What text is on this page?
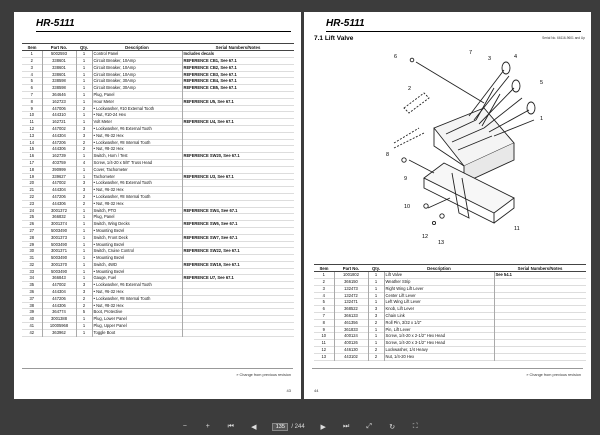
HR-5111
Item	Part No.	Qty.	Description	Serial Numbers/Notes
1	5002593	1	Control Panel	Includes decals
2	338601	1	Circuit Breaker, 10Amp	REFERENCE CB1, See 67.1
3	338601	1	Circuit Breaker, 10Amp	REFERENCE CB2, See 67.1
4	338601	1	Circuit Breaker, 10Amp	REFERENCE CB3, See 67.1
5	338598	1	Circuit Breaker, 30Amp	REFERENCE CB4, See 67.1
6	338598	1	Circuit Breaker, 30Amp	REFERENCE CB5, See 67.1
7	364646	1	Plug, Panel	
8	162723	1	Hour Meter	REFERENCE U5, See 67.1
9	447006	2	• Lockwasher, #10 External Tooth	
10	444310	1	• Nut, #10-24 Hex	
11	162721	1	Volt Meter	REFERENCE U4, See 67.1
12	447002	3	• Lockwasher, #6 External Tooth	
13	444304	3	• Nut, #6-32 Hex	
14	447206	2	• Lockwasher, #8 Internal Tooth	
15	444306	2	• Nut, #8-32 Hex	
16	162739	1	Switch, Horn / Test	REFERENCE SW20, See 67.1
17	403759	4	Screw, 1/4-20 x 5/8" Truss Head	
18	390999	1	Cover, Tachometer	
19	339627	1	Tachometer	REFERENCE U3, See 67.1
20	447002	3	• Lockwasher, #6 External Tooth	
21	444304	3	• Nut, #6-32 Hex	
22	447206	2	• Lockwasher, #8 Internal Tooth	
23	444306	2	• Nut, #8-32 Hex	
24	3001372	1	Switch, PTO	REFERENCE SW4, See 67.1
25	366832	1	Plug, Panel	
26	3001374	1	Switch, Wing Decks	REFERENCE SW6, See 67.1
27	5003490	1	• Mounting Bezel	
28	3001373	1	Switch, Front Deck	REFERENCE SW7, See 67.1
29	5003490	1	• Mounting Bezel	
30	3001371	1	Switch, Cruise Control	REFERENCE SW22, See 67.1
31	5003490	1	• Mounting Bezel	
32	3001370	1	Switch, 4WD	REFERENCE SW19, See 67.1
33	5003490	1	• Mounting Bezel	
34	366843	1	Gauge, Fuel	REFERENCE U7, See 67.1
35	447002	3	• Lockwasher, #6 External Tooth	
36	444304	3	• Nut, #6-32 Hex	
37	447206	2	• Lockwasher, #8 Internal Tooth	
38	444306	2	• Nut, #8-32 Hex	
39	364774	5	Boot, Protective	
40	3001388	1	Plug, Lower Panel	
41	10005968	1	Plug, Upper Panel	
42	363962	1	Toggle Boot	
» Change from previous revision
43
HR-5111
7.1 Lift Valve	Serial No. 66116-9601 and Up
6
2
7
3	4
5
1
8
9
10
12
13
11
Item	Part No.	Qty.	Description	Serial Numbers/Notes
1	1001802	1	Lift Valve	See 54.1
2	366150	1	Weather Strip	
3	132473	1	Right Wing Lift Lever	
4	132472	1	Center Lift Lever	
5	132471	1	Left Wing Lift Lever	
6	368522	3	Knob, Lift Lever	
7	366133	3	Chain Link	
8	461356	2	Roll Pin, 3/32 x 1/2"	
9	361833	1	Pin, Lift Lever	
10	400124	1	Screw, 1/4-20 x 2-1/2" Hex Head	
11	400126	1	Screw, 1/4-20 x 3-1/2" Hex Head	
12	446130	2	Lockwasher, 1/4 Heavy	
13	443102	2	Nut, 1/4-20 Hex	
» Change from previous revision
44
−	+	⏮ ◀
135	/ 244 ▶ ⏭ ⤢ ↻	⛶
